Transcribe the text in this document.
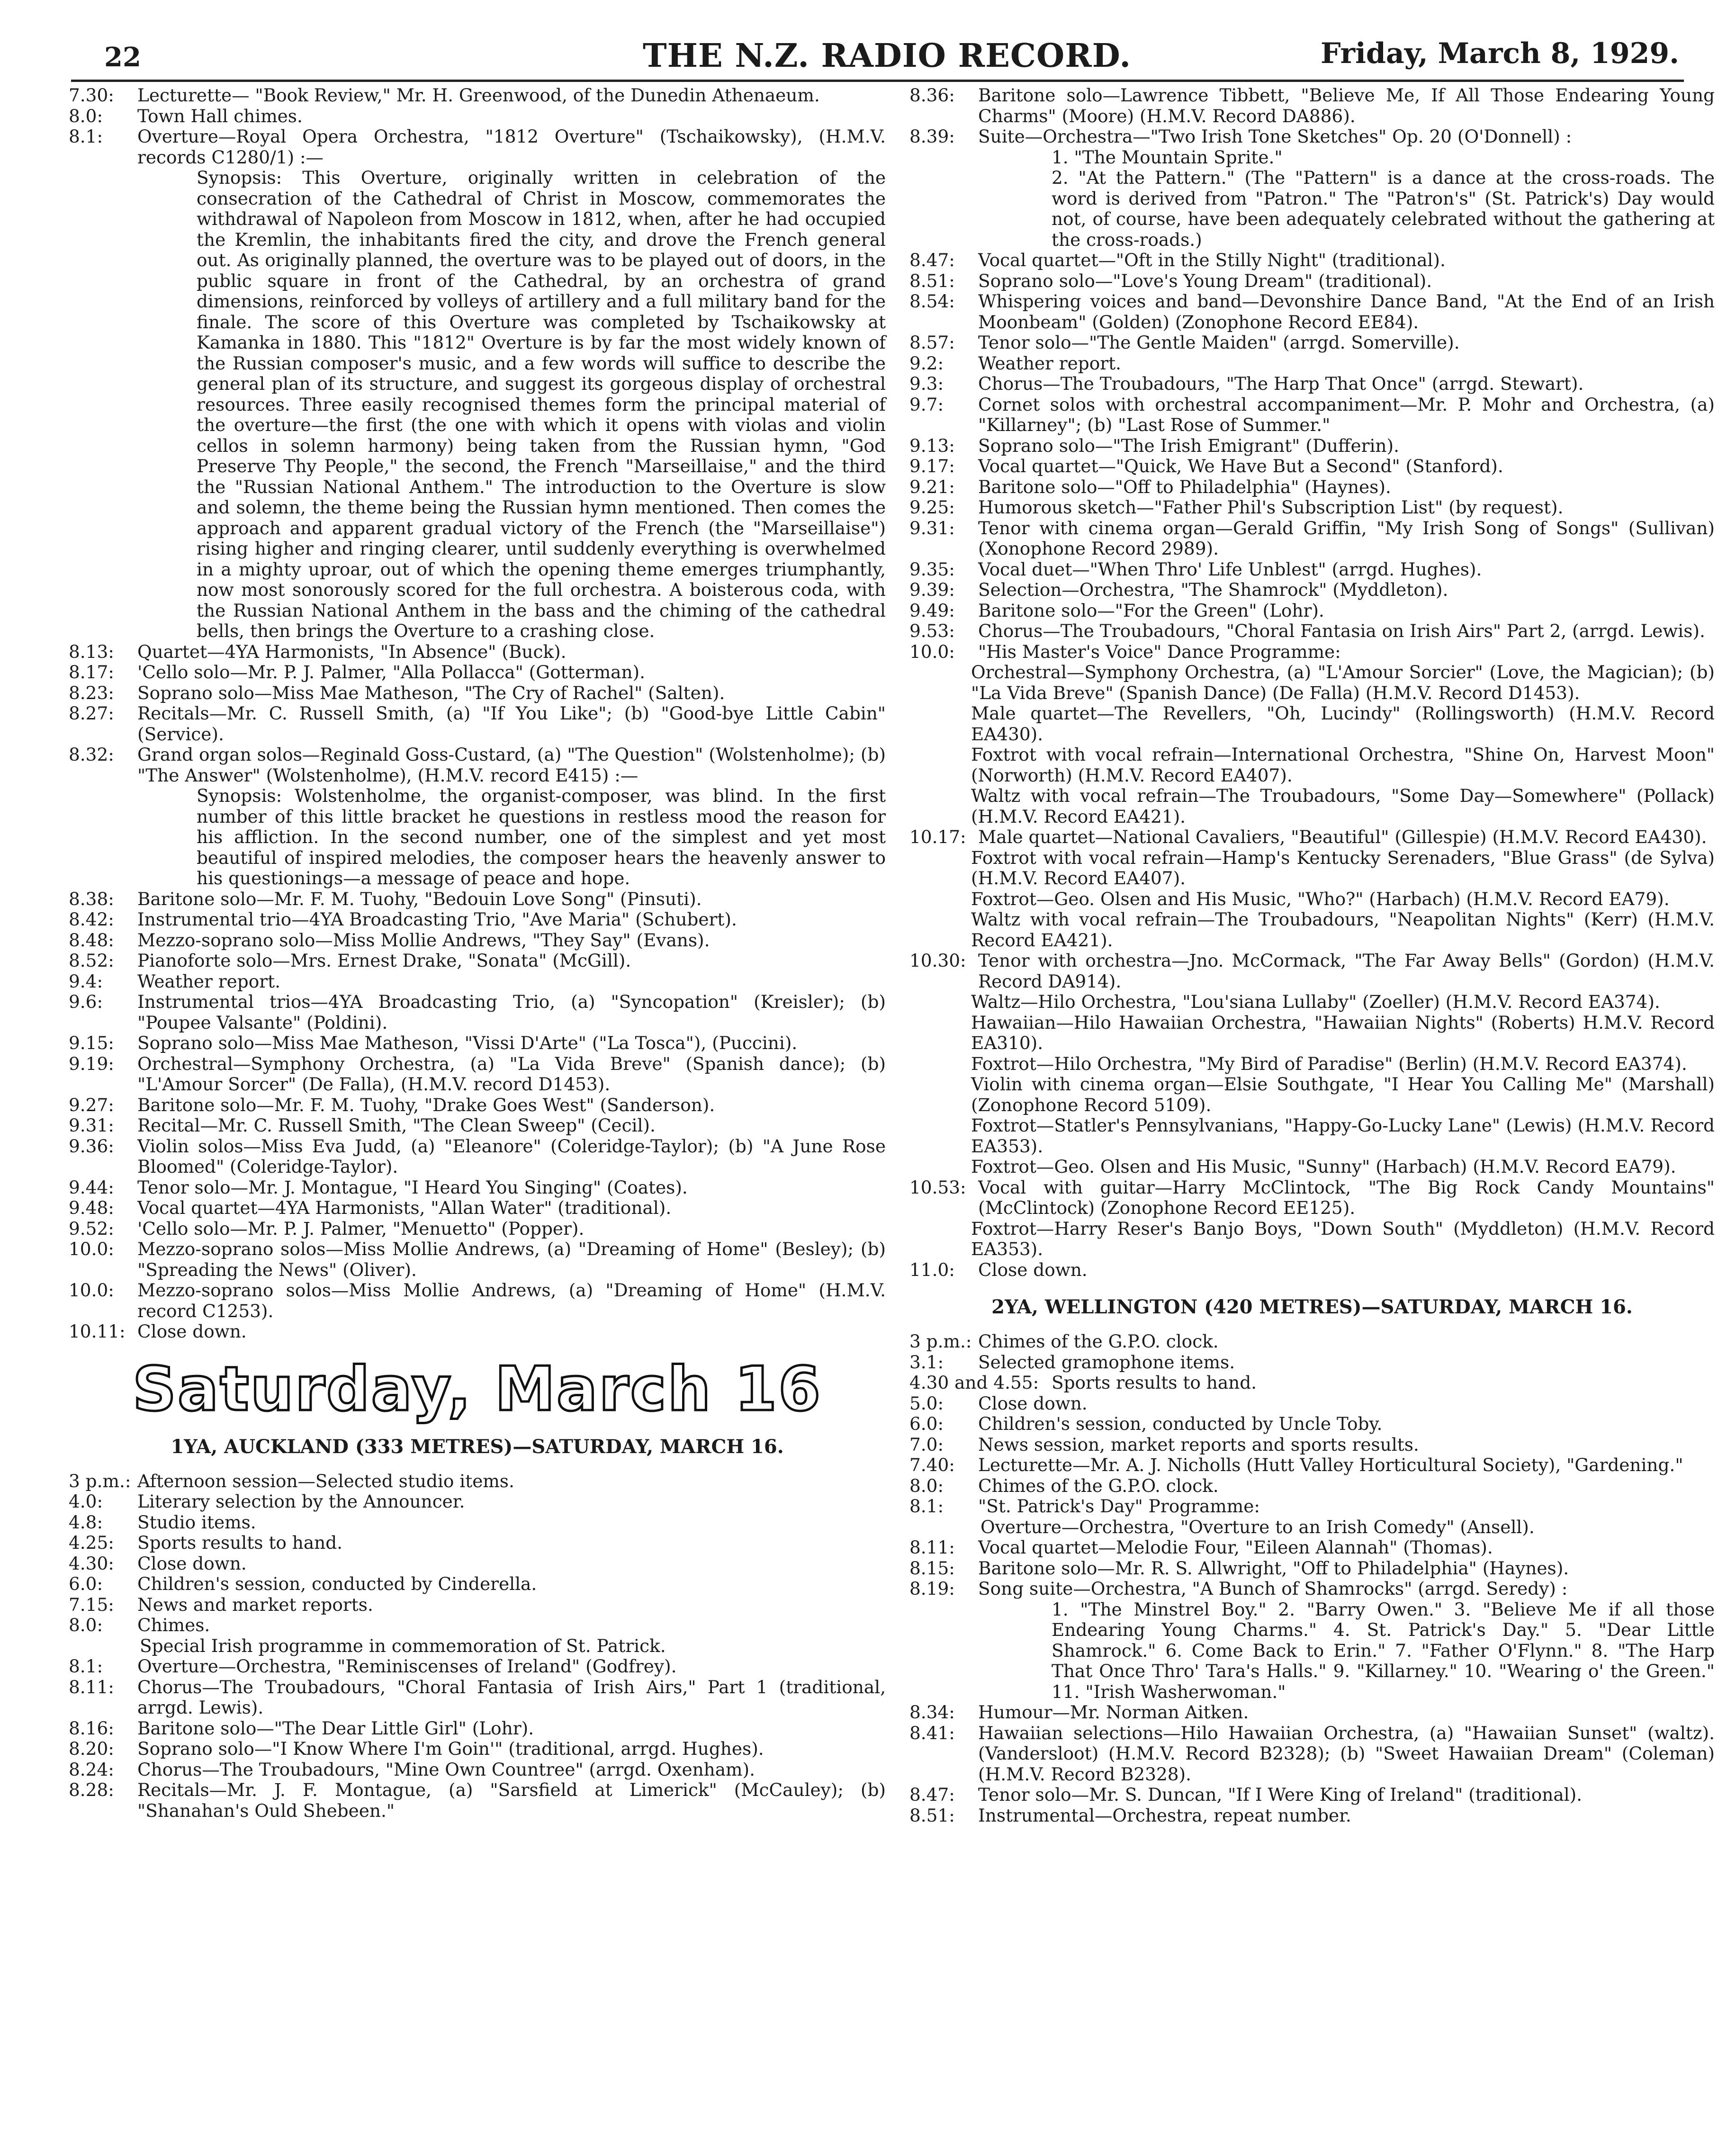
22	THE N.Z. RADIO RECORD.	Friday, March 8, 1929.
7.30:	Lecturette— "Book Review," Mr. H. Greenwood, of the Dunedin Athenaeum.
8.0:	Town Hall chimes.
8.1:	Overture—Royal Opera Orchestra, "1812 Overture" (Tschaikowsky), (H.M.V. records C1280/1) :—
Synopsis: This Overture, originally written in celebration of the consecration of the Cathedral of Christ in Moscow, commemorates the withdrawal of Napoleon from Moscow in 1812, when, after he had occupied the Kremlin, the inhabitants fired the city, and drove the French general out. As originally planned, the overture was to be played out of doors, in the public square in front of the Cathedral, by an orchestra of grand dimensions, reinforced by volleys of artillery and a full military band for the finale. The score of this Overture was completed by Tschaikowsky at Kamanka in 1880. This "1812" Overture is by far the most widely known of the Russian composer's music, and a few words will suffice to describe the general plan of its structure, and suggest its gorgeous display of orchestral resources. Three easily recognised themes form the principal material of the overture—the first (the one with which it opens with violas and violin cellos in solemn harmony) being taken from the Russian hymn, "God Preserve Thy People," the second, the French "Marseillaise," and the third the "Russian National Anthem." The introduction to the Overture is slow and solemn, the theme being the Russian hymn mentioned. Then comes the approach and apparent gradual victory of the French (the "Marseillaise") rising higher and ringing clearer, until suddenly everything is overwhelmed in a mighty uproar, out of which the opening theme emerges triumphantly, now most sonorously scored for the full orchestra. A boisterous coda, with the Russian National Anthem in the bass and the chiming of the cathedral bells, then brings the Overture to a crashing close.
8.13:	Quartet—4YA Harmonists, "In Absence" (Buck).
8.17:	'Cello solo—Mr. P. J. Palmer, "Alla Pollacca" (Gotterman).
8.23:	Soprano solo—Miss Mae Matheson, "The Cry of Rachel" (Salten).
8.27:	Recitals—Mr. C. Russell Smith, (a) "If You Like"; (b) "Good-bye Little Cabin" (Service).
8.32:	Grand organ solos—Reginald Goss-Custard, (a) "The Question" (Wolstenholme); (b) "The Answer" (Wolstenholme), (H.M.V. record E415) :—
Synopsis: Wolstenholme, the organist-composer, was blind. In the first number of this little bracket he questions in restless mood the reason for his affliction. In the second number, one of the simplest and yet most beautiful of inspired melodies, the composer hears the heavenly answer to his questionings—a message of peace and hope.
8.38:	Baritone solo—Mr. F. M. Tuohy, "Bedouin Love Song" (Pinsuti).
8.42:	Instrumental trio—4YA Broadcasting Trio, "Ave Maria" (Schubert).
8.48:	Mezzo-soprano solo—Miss Mollie Andrews, "They Say" (Evans).
8.52:	Pianoforte solo—Mrs. Ernest Drake, "Sonata" (McGill).
9.4:	Weather report.
9.6:	Instrumental trios—4YA Broadcasting Trio, (a) "Syncopation" (Kreisler); (b) "Poupee Valsante" (Poldini).
9.15:	Soprano solo—Miss Mae Matheson, "Vissi D'Arte" ("La Tosca"), (Puccini).
9.19:	Orchestral—Symphony Orchestra, (a) "La Vida Breve" (Spanish dance); (b) "L'Amour Sorcer" (De Falla), (H.M.V. record D1453).
9.27:	Baritone solo—Mr. F. M. Tuohy, "Drake Goes West" (Sanderson).
9.31:	Recital—Mr. C. Russell Smith, "The Clean Sweep" (Cecil).
9.36:	Violin solos—Miss Eva Judd, (a) "Eleanore" (Coleridge-Taylor); (b) "A June Rose Bloomed" (Coleridge-Taylor).
9.44:	Tenor solo—Mr. J. Montague, "I Heard You Singing" (Coates).
9.48:	Vocal quartet—4YA Harmonists, "Allan Water" (traditional).
9.52:	'Cello solo—Mr. P. J. Palmer, "Menuetto" (Popper).
10.0:	Mezzo-soprano solos—Miss Mollie Andrews, (a) "Dreaming of Home" (Besley); (b) "Spreading the News" (Oliver).
10.0:	Mezzo-soprano solos—Miss Mollie Andrews, (a) "Dreaming of Home" (H.M.V. record C1253).
10.11: Close down.
Saturday, March 16
1YA, AUCKLAND (333 METRES)—SATURDAY, MARCH 16.
3 p.m.: Afternoon session—Selected studio items.
4.0:	Literary selection by the Announcer.
4.8:	Studio items.
4.25:	Sports results to hand.
4.30:	Close down.
6.0:	Children's session, conducted by Cinderella.
7.15:	News and market reports.
8.0:	Chimes.
Special Irish programme in commemoration of St. Patrick.
8.1:	Overture—Orchestra, "Reminiscenses of Ireland" (Godfrey).
8.11:	Chorus—The Troubadours, "Choral Fantasia of Irish Airs," Part 1 (traditional, arrgd. Lewis).
8.16:	Baritone solo—"The Dear Little Girl" (Lohr).
8.20:	Soprano solo—"I Know Where I'm Goin'" (traditional, arrgd. Hughes).
8.24:	Chorus—The Troubadours, "Mine Own Countree" (arrgd. Oxenham).
8.28:	Recitals—Mr. J. F. Montague, (a) "Sarsfield at Limerick" (McCauley); (b) "Shanahan's Ould Shebeen."
8.36:	Baritone solo—Lawrence Tibbett, "Believe Me, If All Those Endearing Young Charms" (Moore) (H.M.V. Record DA886).
8.39:	Suite—Orchestra—"Two Irish Tone Sketches" Op. 20 (O'Donnell) :
1. "The Mountain Sprite."
2. "At the Pattern." (The "Pattern" is a dance at the cross-roads. The word is derived from "Patron." The "Patron's" (St. Patrick's) Day would not, of course, have been adequately celebrated without the gathering at the cross-roads.)
8.47:	Vocal quartet—"Oft in the Stilly Night" (traditional).
8.51:	Soprano solo—"Love's Young Dream" (traditional).
8.54:	Whispering voices and band—Devonshire Dance Band, "At the End of an Irish Moonbeam" (Golden) (Zonophone Record EE84).
8.57:	Tenor solo—"The Gentle Maiden" (arrgd. Somerville).
9.2:	Weather report.
9.3:	Chorus—The Troubadours, "The Harp That Once" (arrgd. Stewart).
9.7:	Cornet solos with orchestral accompaniment—Mr. P. Mohr and Orchestra, (a) "Killarney"; (b) "Last Rose of Summer."
9.13:	Soprano solo—"The Irish Emigrant" (Dufferin).
9.17:	Vocal quartet—"Quick, We Have But a Second" (Stanford).
9.21:	Baritone solo—"Off to Philadelphia" (Haynes).
9.25:	Humorous sketch—"Father Phil's Subscription List" (by request).
9.31:	Tenor with cinema organ—Gerald Griffin, "My Irish Song of Songs" (Sullivan) (Xonophone Record 2989).
9.35:	Vocal duet—"When Thro' Life Unblest" (arrgd. Hughes).
9.39:	Selection—Orchestra, "The Shamrock" (Myddleton).
9.49:	Baritone solo—"For the Green" (Lohr).
9.53:	Chorus—The Troubadours, "Choral Fantasia on Irish Airs" Part 2, (arrgd. Lewis).
10.0:	"His Master's Voice" Dance Programme:
Orchestral—Symphony Orchestra, (a) "L'Amour Sorcier" (Love, the Magician); (b) "La Vida Breve" (Spanish Dance) (De Falla) (H.M.V. Record D1453).
Male quartet—The Revellers, "Oh, Lucindy" (Rollingsworth) (H.M.V. Record EA430).
Foxtrot with vocal refrain—International Orchestra, "Shine On, Harvest Moon" (Norworth) (H.M.V. Record EA407).
Waltz with vocal refrain—The Troubadours, "Some Day—Somewhere" (Pollack) (H.M.V. Record EA421).
10.17: Male quartet—National Cavaliers, "Beautiful" (Gillespie) (H.M.V. Record EA430).
Foxtrot with vocal refrain—Hamp's Kentucky Serenaders, "Blue Grass" (de Sylva) (H.M.V. Record EA407).
Foxtrot—Geo. Olsen and His Music, "Who?" (Harbach) (H.M.V. Record EA79).
Waltz with vocal refrain—The Troubadours, "Neapolitan Nights" (Kerr) (H.M.V. Record EA421).
10.30: Tenor with orchestra—Jno. McCormack, "The Far Away Bells" (Gordon) (H.M.V. Record DA914).
Waltz—Hilo Orchestra, "Lou'siana Lullaby" (Zoeller) (H.M.V. Record EA374).
Hawaiian—Hilo Hawaiian Orchestra, "Hawaiian Nights" (Roberts) H.M.V. Record EA310).
Foxtrot—Hilo Orchestra, "My Bird of Paradise" (Berlin) (H.M.V. Record EA374).
Violin with cinema organ—Elsie Southgate, "I Hear You Calling Me" (Marshall) (Zonophone Record 5109).
Foxtrot—Statler's Pennsylvanians, "Happy-Go-Lucky Lane" (Lewis) (H.M.V. Record EA353).
Foxtrot—Geo. Olsen and His Music, "Sunny" (Harbach) (H.M.V. Record EA79).
10.53: Vocal with guitar—Harry McClintock, "The Big Rock Candy Mountains" (McClintock) (Zonophone Record EE125).
Foxtrot—Harry Reser's Banjo Boys, "Down South" (Myddleton) (H.M.V. Record EA353).
11.0:	Close down.
2YA, WELLINGTON (420 METRES)—SATURDAY, MARCH 16.
3 p.m.: Chimes of the G.P.O. clock.
3.1:	Selected gramophone items.
4.30 and 4.55: Sports results to hand.
5.0:	Close down.
6.0:	Children's session, conducted by Uncle Toby.
7.0:	News session, market reports and sports results.
7.40:	Lecturette—Mr. A. J. Nicholls (Hutt Valley Horticultural Society), "Gardening."
8.0:	Chimes of the G.P.O. clock.
8.1:	"St. Patrick's Day" Programme:
Overture—Orchestra, "Overture to an Irish Comedy" (Ansell).
8.11:	Vocal quartet—Melodie Four, "Eileen Alannah" (Thomas).
8.15:	Baritone solo—Mr. R. S. Allwright, "Off to Philadelphia" (Haynes).
8.19:	Song suite—Orchestra, "A Bunch of Shamrocks" (arrgd. Seredy) :
1. "The Minstrel Boy." 2. "Barry Owen." 3. "Believe Me if all those Endearing Young Charms." 4. St. Patrick's Day." 5. "Dear Little Shamrock." 6. Come Back to Erin." 7. "Father O'Flynn." 8. "The Harp That Once Thro' Tara's Halls." 9. "Killarney." 10. "Wearing o' the Green." 11. "Irish Washerwoman."
8.34:	Humour—Mr. Norman Aitken.
8.41:	Hawaiian selections—Hilo Hawaiian Orchestra, (a) "Hawaiian Sunset" (waltz). (Vandersloot) (H.M.V. Record B2328); (b) "Sweet Hawaiian Dream" (Coleman) (H.M.V. Record B2328).
8.47:	Tenor solo—Mr. S. Duncan, "If I Were King of Ireland" (traditional).
8.51:	Instrumental—Orchestra, repeat number.
